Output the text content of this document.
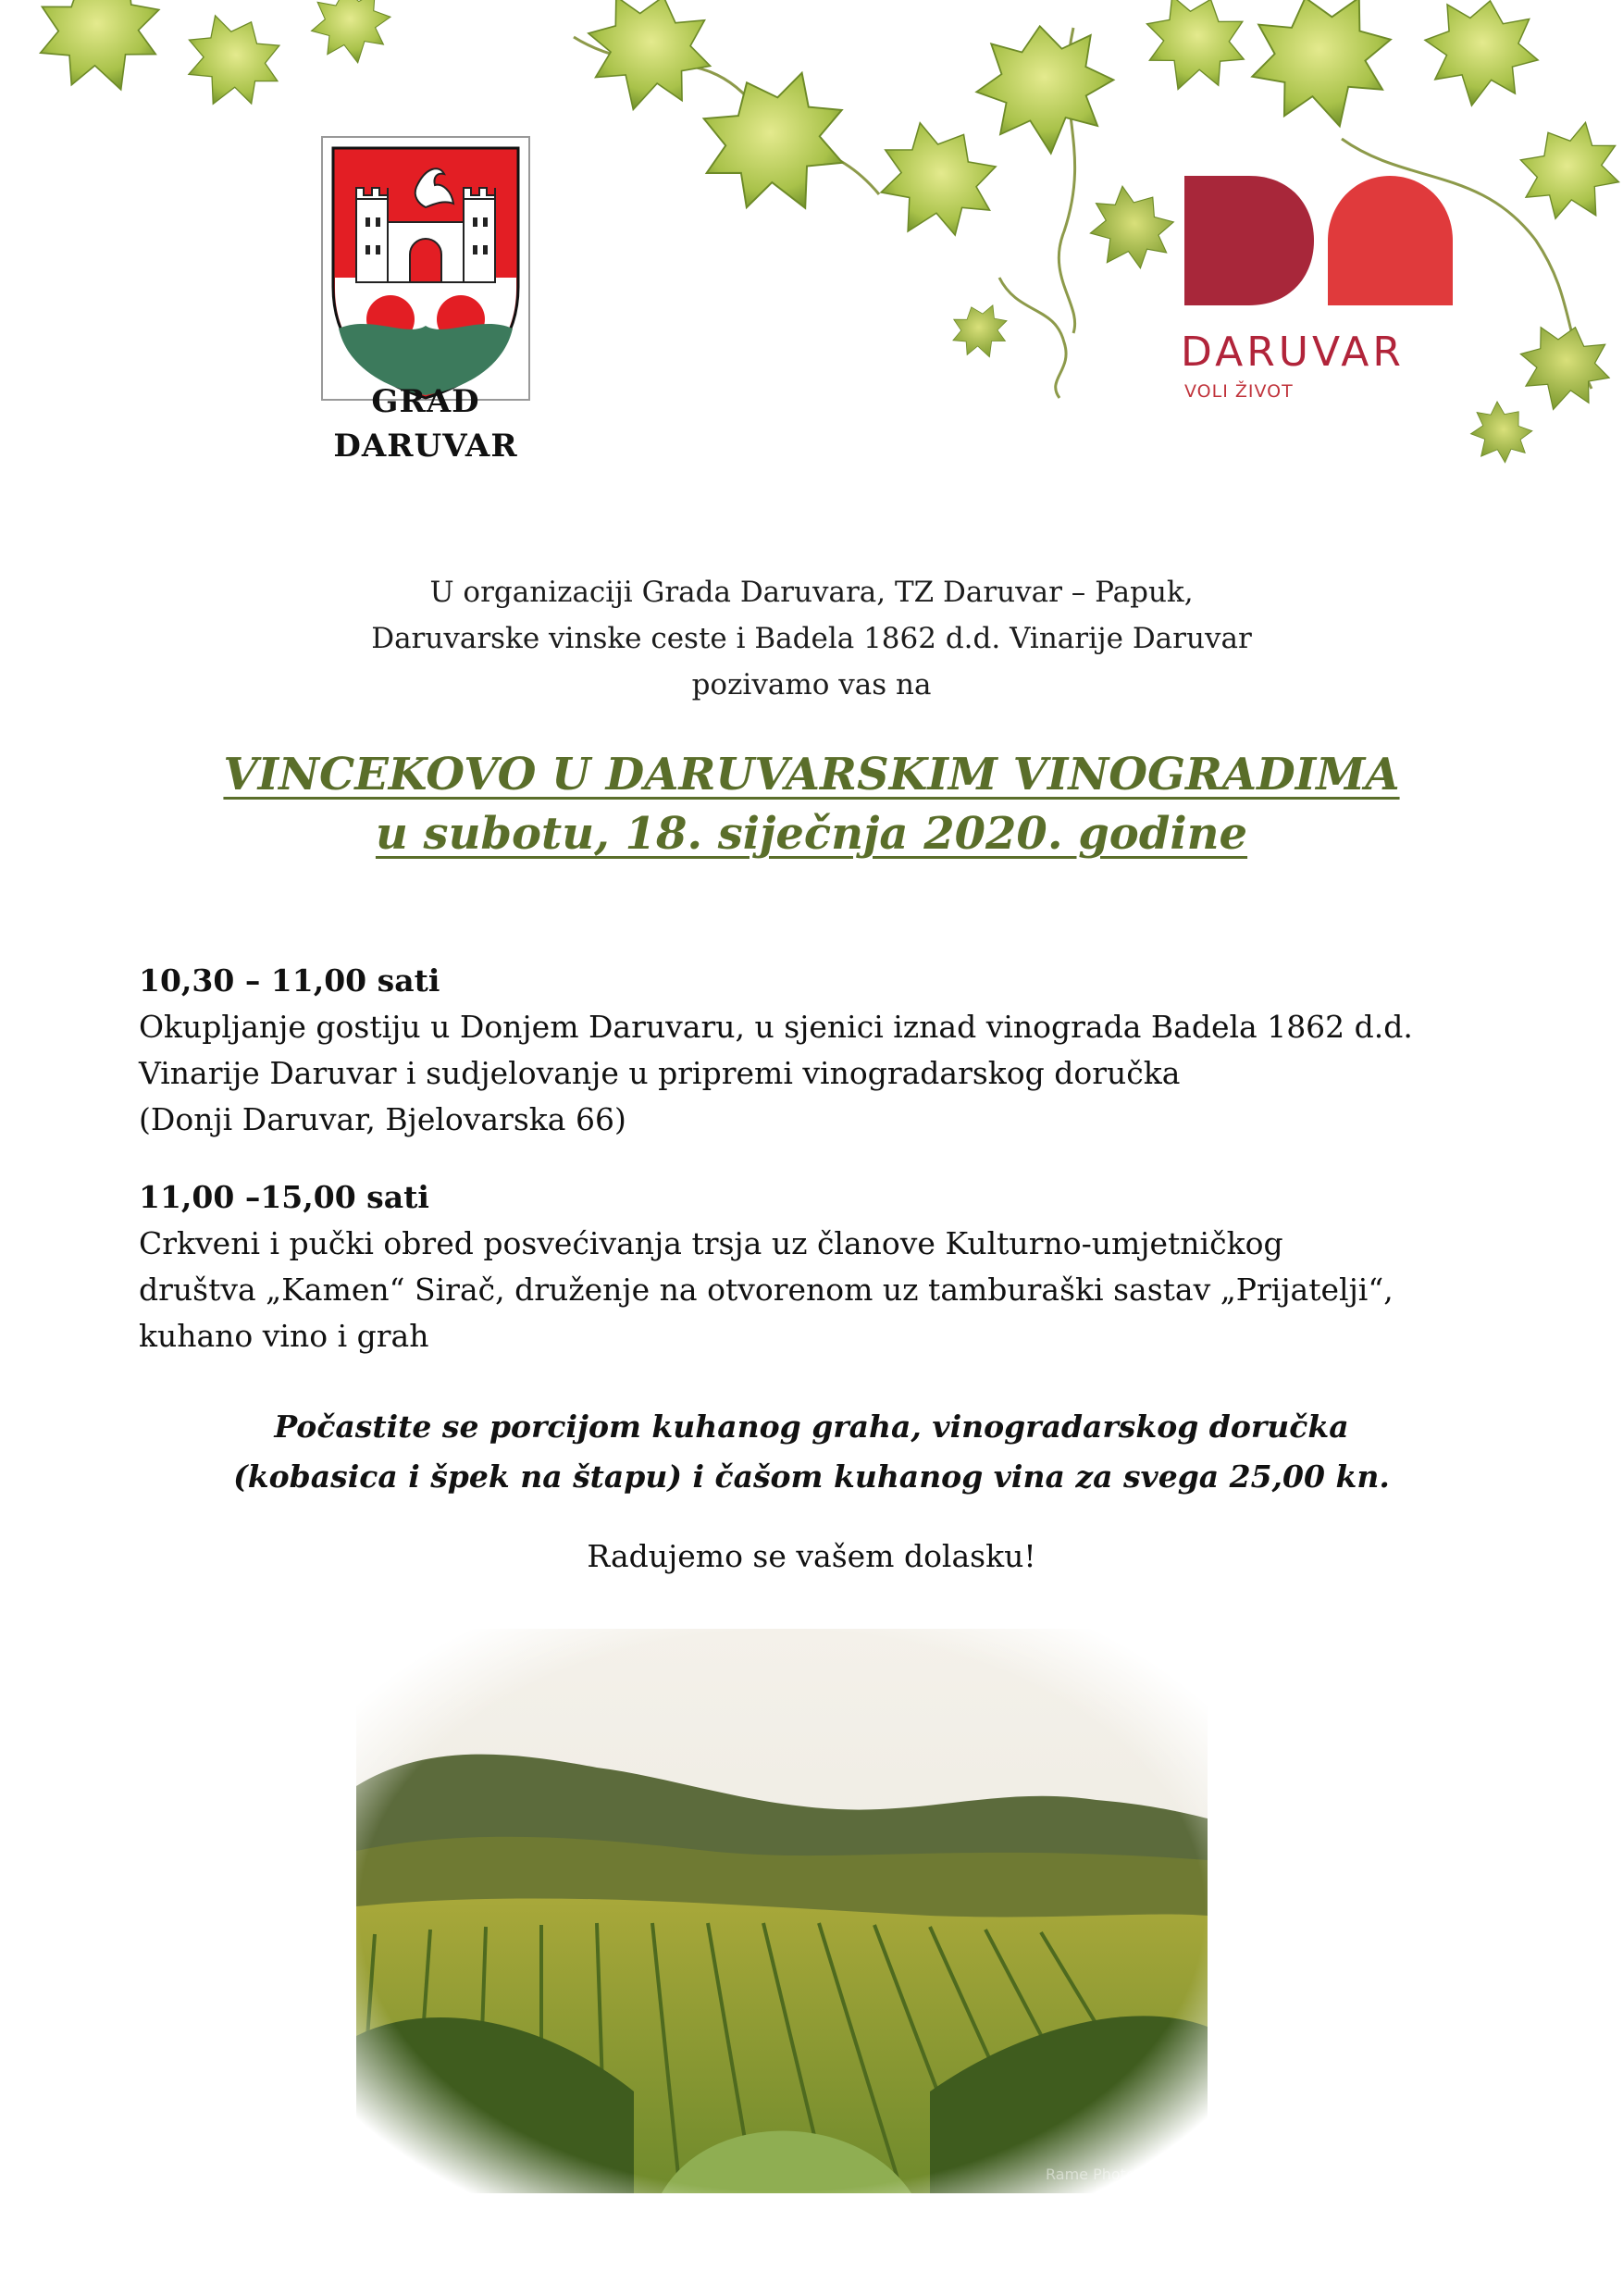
GRAD
DARUVAR
DARUVAR
VOLI ŽIVOT
U organizaciji Grada Daruvara, TZ Daruvar – Papuk,
Daruvarske vinske ceste i Badela 1862 d.d. Vinarije Daruvar
pozivamo vas na
VINCEKOVO U DARUVARSKIM VINOGRADIMA
u subotu, 18. siječnja 2020. godine
10,30 – 11,00 sati
Okupljanje gostiju u Donjem Daruvaru, u sjenici iznad vinograda Badela 1862 d.d.
Vinarije Daruvar i sudjelovanje u pripremi vinogradarskog doručka
(Donji Daruvar, Bjelovarska 66)
11,00 –15,00 sati
Crkveni i pučki obred posvećivanja trsja uz članove Kulturno-umjetničkog
društva „Kamen“ Sirač, druženje na otvorenom uz tamburaški sastav „Prijatelji“,
kuhano vino i grah
Počastite se porcijom kuhanog graha, vinogradarskog doručka
(kobasica i špek na štapu) i čašom kuhanog vina za svega 25,00 kn.
Radujemo se vašem dolasku!
Rame Photography
